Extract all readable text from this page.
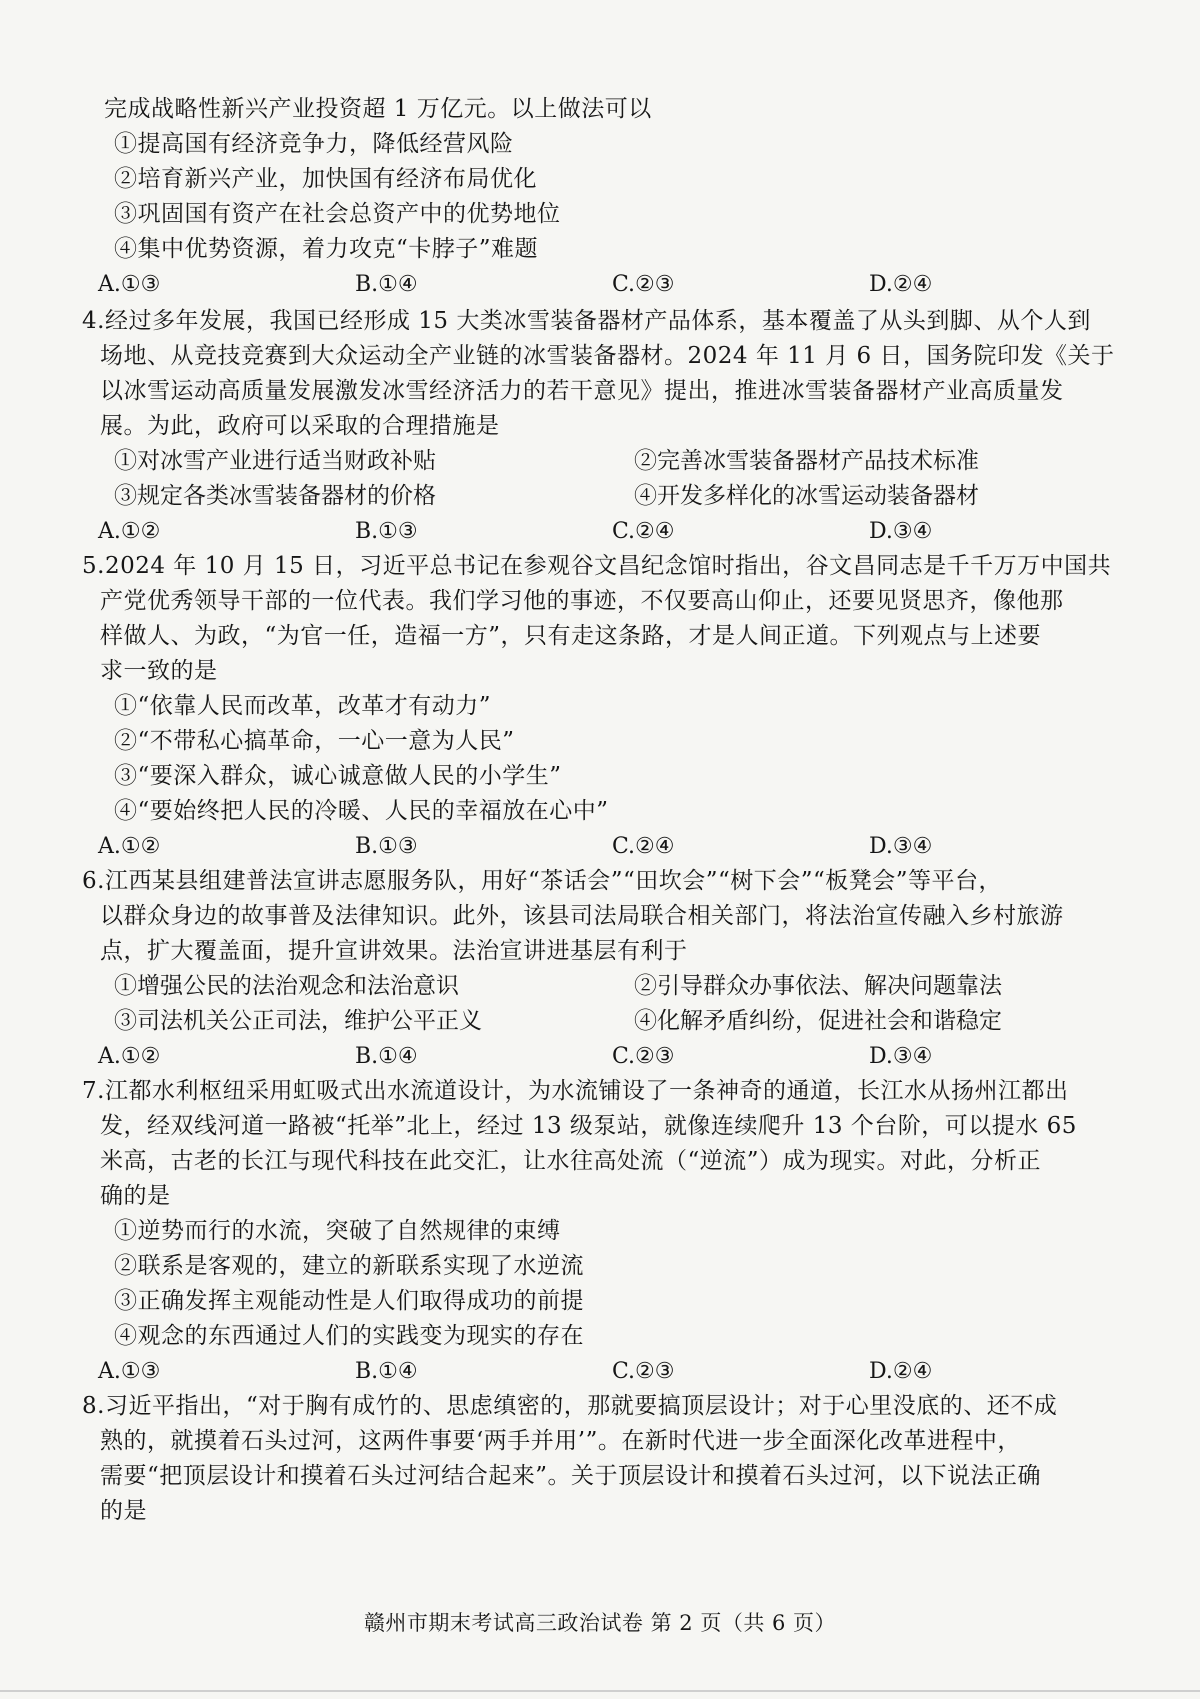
完成战略性新兴产业投资超 1 万亿元。以上做法可以
①提高国有经济竞争力，降低经营风险
②培育新兴产业，加快国有经济布局优化
③巩固国有资产在社会总资产中的优势地位
④集中优势资源，着力攻克“卡脖子”难题
A.①③	B.①④	C.②③	D.②④
4.经过多年发展，我国已经形成 15 大类冰雪装备器材产品体系，基本覆盖了从头到脚、从个人到
场地、从竞技竞赛到大众运动全产业链的冰雪装备器材。2024 年 11 月 6 日，国务院印发《关于
以冰雪运动高质量发展激发冰雪经济活力的若干意见》提出，推进冰雪装备器材产业高质量发
展。为此，政府可以采取的合理措施是
①对冰雪产业进行适当财政补贴	②完善冰雪装备器材产品技术标准
③规定各类冰雪装备器材的价格	④开发多样化的冰雪运动装备器材
A.①②	B.①③	C.②④	D.③④
5.2024 年 10 月 15 日，习近平总书记在参观谷文昌纪念馆时指出，谷文昌同志是千千万万中国共
产党优秀领导干部的一位代表。我们学习他的事迹，不仅要高山仰止，还要见贤思齐，像他那
样做人、为政，“为官一任，造福一方”，只有走这条路，才是人间正道。下列观点与上述要
求一致的是
①“依靠人民而改革，改革才有动力”
②“不带私心搞革命，一心一意为人民”
③“要深入群众，诚心诚意做人民的小学生”
④“要始终把人民的冷暖、人民的幸福放在心中”
A.①②	B.①③	C.②④	D.③④
6.江西某县组建普法宣讲志愿服务队，用好“茶话会”“田坎会”“树下会”“板凳会”等平台，
以群众身边的故事普及法律知识。此外，该县司法局联合相关部门，将法治宣传融入乡村旅游
点，扩大覆盖面，提升宣讲效果。法治宣讲进基层有利于
①增强公民的法治观念和法治意识	②引导群众办事依法、解决问题靠法
③司法机关公正司法，维护公平正义	④化解矛盾纠纷，促进社会和谐稳定
A.①②	B.①④	C.②③	D.③④
7.江都水利枢纽采用虹吸式出水流道设计，为水流铺设了一条神奇的通道，长江水从扬州江都出
发，经双线河道一路被“托举”北上，经过 13 级泵站，就像连续爬升 13 个台阶，可以提水 65
米高，古老的长江与现代科技在此交汇，让水往高处流（“逆流”）成为现实。对此，分析正
确的是
①逆势而行的水流，突破了自然规律的束缚
②联系是客观的，建立的新联系实现了水逆流
③正确发挥主观能动性是人们取得成功的前提
④观念的东西通过人们的实践变为现实的存在
A.①③	B.①④	C.②③	D.②④
8.习近平指出，“对于胸有成竹的、思虑缜密的，那就要搞顶层设计；对于心里没底的、还不成
熟的，就摸着石头过河，这两件事要‘两手并用’”。在新时代进一步全面深化改革进程中，
需要“把顶层设计和摸着石头过河结合起来”。关于顶层设计和摸着石头过河，以下说法正确
的是
赣州市期末考试高三政治试卷 第 2 页（共 6 页）
